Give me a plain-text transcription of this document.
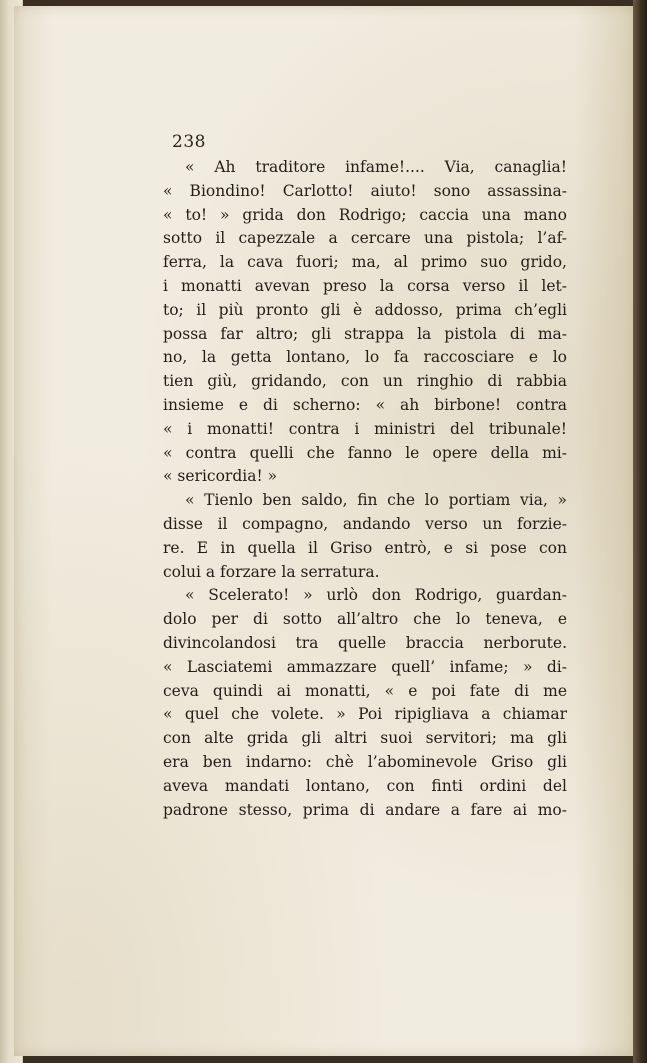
238
« Ah traditore infame!.... Via, canaglia!
« Biondino! Carlotto! aiuto! sono assassina-
« to! » grida don Rodrigo; caccia una mano
sotto il capezzale a cercare una pistola; l’af-
ferra, la cava fuori; ma, al primo suo grido,
i monatti avevan preso la corsa verso il let-
to; il più pronto gli è addosso, prima ch’egli
possa far altro; gli strappa la pistola di ma-
no, la getta lontano, lo fa raccosciare e lo
tien giù, gridando, con un ringhio di rabbia
insieme e di scherno: « ah birbone! contra
« i monatti! contra i ministri del tribunale!
« contra quelli che fanno le opere della mi-
« sericordia! »
« Tienlo ben saldo, fin che lo portiam via, »
disse il compagno, andando verso un forzie-
re. E in quella il Griso entrò, e si pose con
colui a forzare la serratura.
« Scelerato! » urlò don Rodrigo, guardan-
dolo per di sotto all’altro che lo teneva, e
divincolandosi tra quelle braccia nerborute.
« Lasciatemi ammazzare quell’ infame; » di-
ceva quindi ai monatti, « e poi fate di me
« quel che volete. » Poi ripigliava a chiamar
con alte grida gli altri suoi servitori; ma gli
era ben indarno: chè l’abominevole Griso gli
aveva mandati lontano, con finti ordini del
padrone stesso, prima di andare a fare ai mo-
